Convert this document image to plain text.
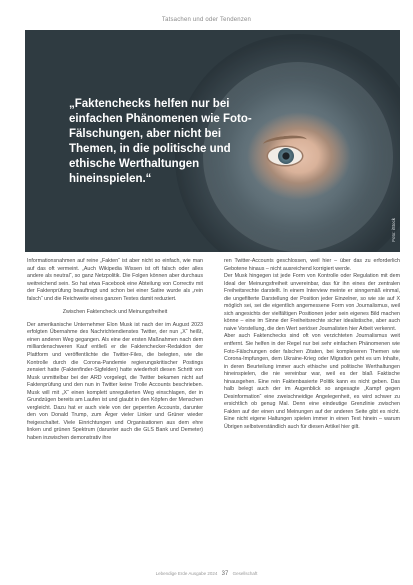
Tatsachen und oder Tendenzen
„Faktenchecks helfen nur bei einfachen Phänomenen wie Foto-Fälschungen, aber nicht bei Themen, in die politische und ethische Werthaltungen hineinspielen.“
Foto: iStock

Informationsnahmen auf reine „Fakten“ ist aber nicht so einfach, wie man auf das oft vermeint. „Auch Wikipedia Wissen ist oft falsch oder alles andere als neutral“, so ganz Netzpolitik. Die Folgen können aber durchaus weitreichend sein. So hat etwa Facebook eine Abteilung von Correctiv mit der Faktenprüfung beauftragt und schon bei einer Satire wurde als „rein falsch“ und die Reichweite eines ganzen Textes damit reduziert.

Zwischen Faktencheck und Meinungsfreiheit

Der amerikanische Unternehmer Elon Musk ist nach der im August 2023 erfolgten Übernahme des Nachrichtendienstes Twitter, der nun „X“ heißt, einen anderen Weg gegangen. Als eine der ersten Maßnahmen nach dem milliardenschweren Kauf entließ er die Faktenchecker-Redaktion der Plattform und veröffentlichte die Twitter-Files, die belegten, wie die Kontrolle durch die Corona-Pandemie regierungskritischer Postings zensiert hatte (Faktenfinder-Sigfelden) hatte wiederholt diesen Schritt von Musk unmittelbar bei der ARD vorgelegt, die Twitter bekamen nicht auf Faktenprüfung und den nun in Twitter keine Trolle Accounts beschrieben. Musk will mit „X“ einen komplett unregulierten Weg einschlagen, der in Grundzügen bereits am Laufen ist und glaubt in den Köpfen der Menschen vergleicht. Dazu hat er auch viele von der geperrten Accounts, darunter den von Donald Trump, zum Ärger vieler Linker und Grüner wieder freigeschaltet. Viele Einrichtungen und Organisationen aus dem ehre linken und grünen Spektrum (darunter auch die GLS Bank und Demeter) haben inzwischen demonstrativ ihre

ren Twitter-Accounts geschlossen, weil hier – über das zu erforderlich Gebotene hinaus – nicht ausreichend korrigiert werde.

Der Musk hingegen ist jede Form von Kontrolle oder Regulation mit dem Ideal der Meinungsfreiheit unvereinbar, das für ihn eines der zentralen Freiheitsrechte darstellt. In einem Interview meinte er sinngemäß einmal, die ungefilterte Darstellung der Position jeder Einzelner, so wie sie auf X möglich sei, sei die eigentlich angemessene Form von Journalismus, weil sich angesichts der vielfältigen Positionen jeder sein eigenes Bild machen könne – eine im Sinne der Freiheitsrechte sicher idealistische, aber auch naive Vorstellung, die den Wert seriöser Journalisten hier Arbeit verkennt.

Aber auch Faktenchecks sind oft von verzichteten Journalismus weit entfernt. Sie helfen in der Regel nur bei sehr einfachen Phänomenen wie Foto-Fälschungen oder falschen Zitaten, bei komplexeren Themen wie Corona-Impfungen, dem Ukraine-Krieg oder Migration geht es um Inhalte, in deren Beurteilung immer auch ethische und politische Werthaltungen hineinspielen, die nie vereinbar war, weil es der blaß Faktische hinausgehen. Eine rein Faktenbasierte Politik kann es nicht geben. Das halb belegt auch der im Augenblick so angesagte „Kampf gegen Desinformation“ eine zweischneidige Angelegenheit, es wird schwer zu ersichtlich ob genug Mal. Denn eine eindeutige Grenzlinie zwischen Fakten auf der einen und Meinungen auf der anderen Seite gibt es nicht. Eine nicht eigene Haltungen spielen immer in einen Text hinein – warum Übrigen selbstverständlich auch für diesen Artikel hier gilt.

Lebendige Erde Ausgabe 2024 37 Gesellschaft
